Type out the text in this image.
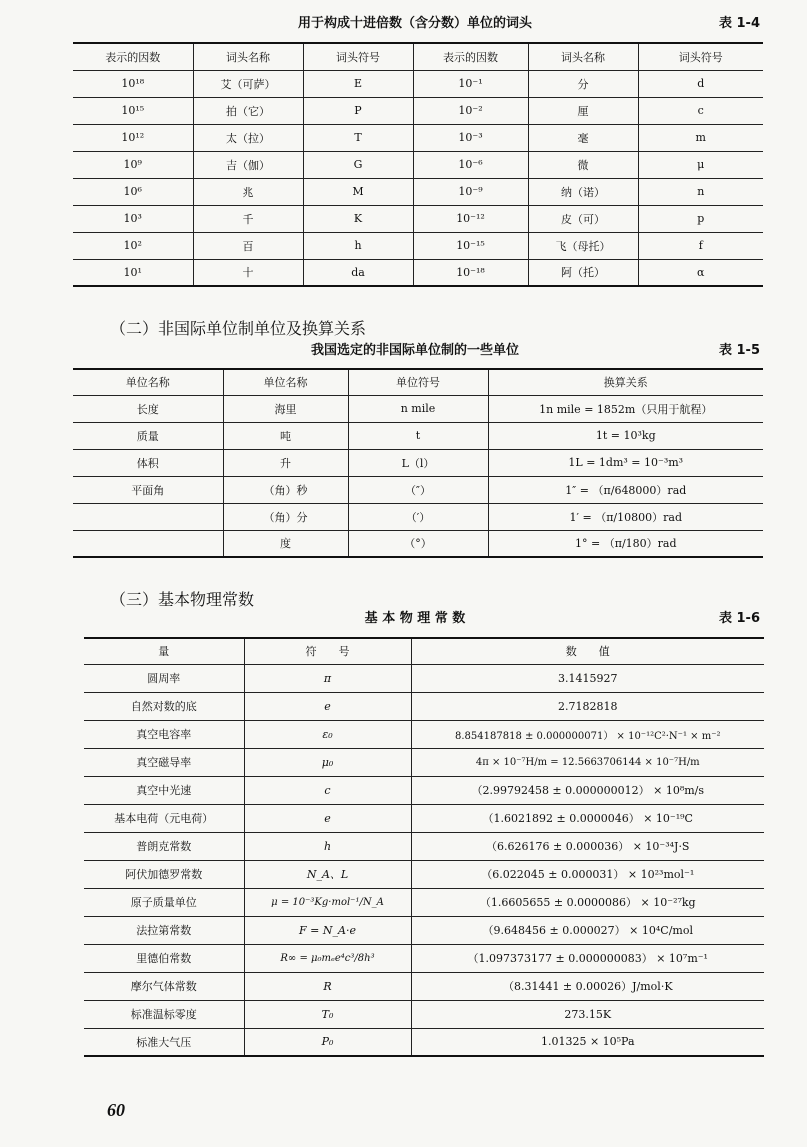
用于构成十进倍数（含分数）单位的词头	表 1-4
表示的因数	词头名称	词头符号	表示的因数	词头名称	词头符号
10¹⁸	艾（可萨）	E	10⁻¹	分	d
10¹⁵	拍（它）	P	10⁻²	厘	c
10¹²	太（拉）	T	10⁻³	毫	m
10⁹	吉（伽）	G	10⁻⁶	微	μ
10⁶	兆	M	10⁻⁹	纳（诺）	n
10³	千	K	10⁻¹²	皮（可）	p
10²	百	h	10⁻¹⁵	飞（母托）	f
10¹	十	da	10⁻¹⁸	阿（托）	α
（二）非国际单位制单位及换算关系
我国选定的非国际单位制的一些单位	表 1-5
单位名称	单位名称	单位符号	换算关系
长度	海里	n mile	1n mile = 1852m（只用于航程）
质量	吨	t	1t = 10³kg
体积	升	L（l）	1L = 1dm³ = 10⁻³m³
平面角	（角）秒	（″）	1″ = （π/648000）rad
	（角）分	（′）	1′ = （π/10800）rad
	度	（°）	1° = （π/180）rad
（三）基本物理常数
基 本 物 理 常 数	表 1-6
量	符　　号	数　　值
圆周率	π	3.1415927
自然对数的底	e	2.7182818
真空电容率	ε₀	8.854187818 ± 0.000000071） × 10⁻¹²C²·N⁻¹ × m⁻²
真空磁导率	μ₀	4π × 10⁻⁷H/m = 12.5663706144 × 10⁻⁷H/m
真空中光速	c	（2.99792458 ± 0.000000012） × 10⁸m/s
基本电荷（元电荷）	e	（1.6021892 ± 0.0000046） × 10⁻¹⁹C
普朗克常数	h	（6.626176 ± 0.000036） × 10⁻³⁴J·S
阿伏加德罗常数	N_A、L	（6.022045 ± 0.000031） × 10²³mol⁻¹
原子质量单位	μ = 10⁻³Kg·mol⁻¹/N_A	（1.6605655 ± 0.0000086） × 10⁻²⁷kg
法拉第常数	F = N_A·e	（9.648456 ± 0.000027） × 10⁴C/mol
里德伯常数	R∞ = μ₀mₑe⁴c³/8h³	（1.097373177 ± 0.000000083） × 10⁷m⁻¹
摩尔气体常数	R	（8.31441 ± 0.00026）J/mol·K
标准温标零度	T₀	273.15K
标准大气压	P₀	1.01325 × 10⁵Pa
60
